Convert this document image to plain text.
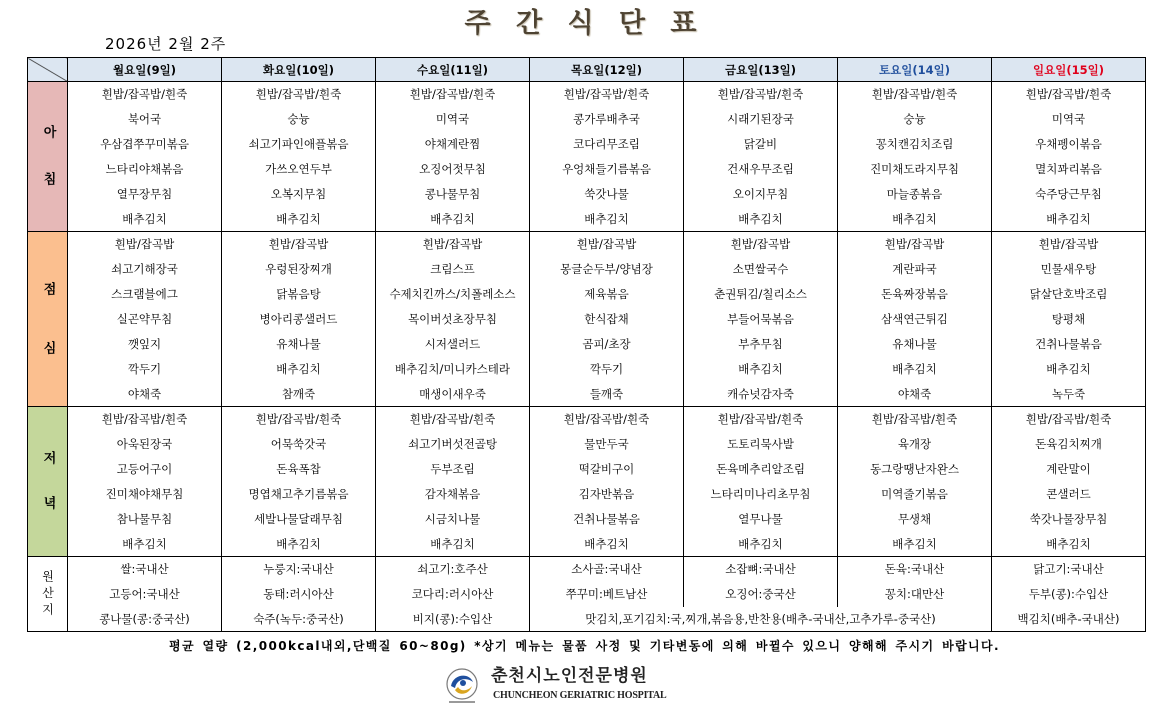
주 간 식 단 표
2026년 2월 2주
	월요일(9일)	화요일(10일)	수요일(11일)	목요일(12일)	금요일(13일)	토요일(14일)	일요일(15일)
아침	흰밥/잡곡밥/흰죽	흰밥/잡곡밥/흰죽	흰밥/잡곡밥/흰죽	흰밥/잡곡밥/흰죽	흰밥/잡곡밥/흰죽	흰밥/잡곡밥/흰죽	흰밥/잡곡밥/흰죽
	북어국	숭늉	미역국	콩가루배추국	시래기된장국	숭늉	미역국
	우삼겹쭈꾸미볶음	쇠고기파인애플볶음	야채계란찜	코다리무조림	닭갈비	꽁치캔김치조림	우채펭이볶음
	느타리야채볶음	가쓰오연두부	오징어젓무침	우엉채들기름볶음	건새우무조림	진미채도라지무침	멸치꽈리볶음
	열무장무침	오복지무침	콩나물무침	쑥갓나물	오이지무침	마늘종볶음	숙주당근무침
	배추김치	배추김치	배추김치	배추김치	배추김치	배추김치	배추김치
점심	흰밥/잡곡밥	흰밥/잡곡밥	흰밥/잡곡밥	흰밥/잡곡밥	흰밥/잡곡밥	흰밥/잡곡밥	흰밥/잡곡밥
	쇠고기해장국	우렁된장찌개	크림스프	몽글순두부/양념장	소면쌀국수	계란파국	민물새우탕
	스크램블에그	닭볶음탕	수제치킨까스/치폴레소스	제육볶음	춘권튀김/칠리소스	돈육짜장볶음	닭살단호박조림
	실곤약무침	병아리콩샐러드	목이버섯초장무침	한식잡채	부들어묵볶음	삼색연근튀김	탕평채
	깻잎지	유채나물	시저샐러드	곰피/초장	부추무침	유채나물	건취나물볶음
	깍두기	배추김치	배추김치/미니카스테라	깍두기	배추김치	배추김치	배추김치
	야채죽	참깨죽	매생이새우죽	들깨죽	캐슈넛감자죽	야채죽	녹두죽
저녁	흰밥/잡곡밥/흰죽	흰밥/잡곡밥/흰죽	흰밥/잡곡밥/흰죽	흰밥/잡곡밥/흰죽	흰밥/잡곡밥/흰죽	흰밥/잡곡밥/흰죽	흰밥/잡곡밥/흰죽
	아욱된장국	어묵쑥갓국	쇠고기버섯전골탕	물만두국	도토리묵사발	육개장	돈육김치찌개
	고등어구이	돈육폭찹	두부조림	떡갈비구이	돈육메추리알조림	동그랑땡난자완스	계란말이
	진미채야채무침	명엽채고추기름볶음	감자채볶음	김자반볶음	느타리미나리초무침	미역줄기볶음	콘샐러드
	참나물무침	세발나물달래무침	시금치나물	건취나물볶음	열무나물	무생채	쑥갓나물장무침
	배추김치	배추김치	배추김치	배추김치	배추김치	배추김치	배추김치
원산지	쌀:국내산	누룽지:국내산	쇠고기:호주산	소사골:국내산	소잡뼈:국내산	돈육:국내산	닭고기:국내산
	고등어:국내산	동태:러시아산	코다리:러시아산	쭈꾸미:베트남산	오징어:중국산	꽁치:대만산	두부(콩):수입산
	콩나물(콩:중국산)	숙주(녹두:중국산)	비지(콩):수입산	맛김치,포기김치:국,찌개,볶음용,반찬용(배추-국내산,고추가루-중국산)			백김치(배추-국내산)
평균 열량 (2,000kcal내외,단백질 60~80g) *상기 메뉴는 물품 사정 및 기타변동에 의해 바뀔수 있으니 양해해 주시기 바랍니다.
춘천시노인전문병원
CHUNCHEON GERIATRIC HOSPITAL
